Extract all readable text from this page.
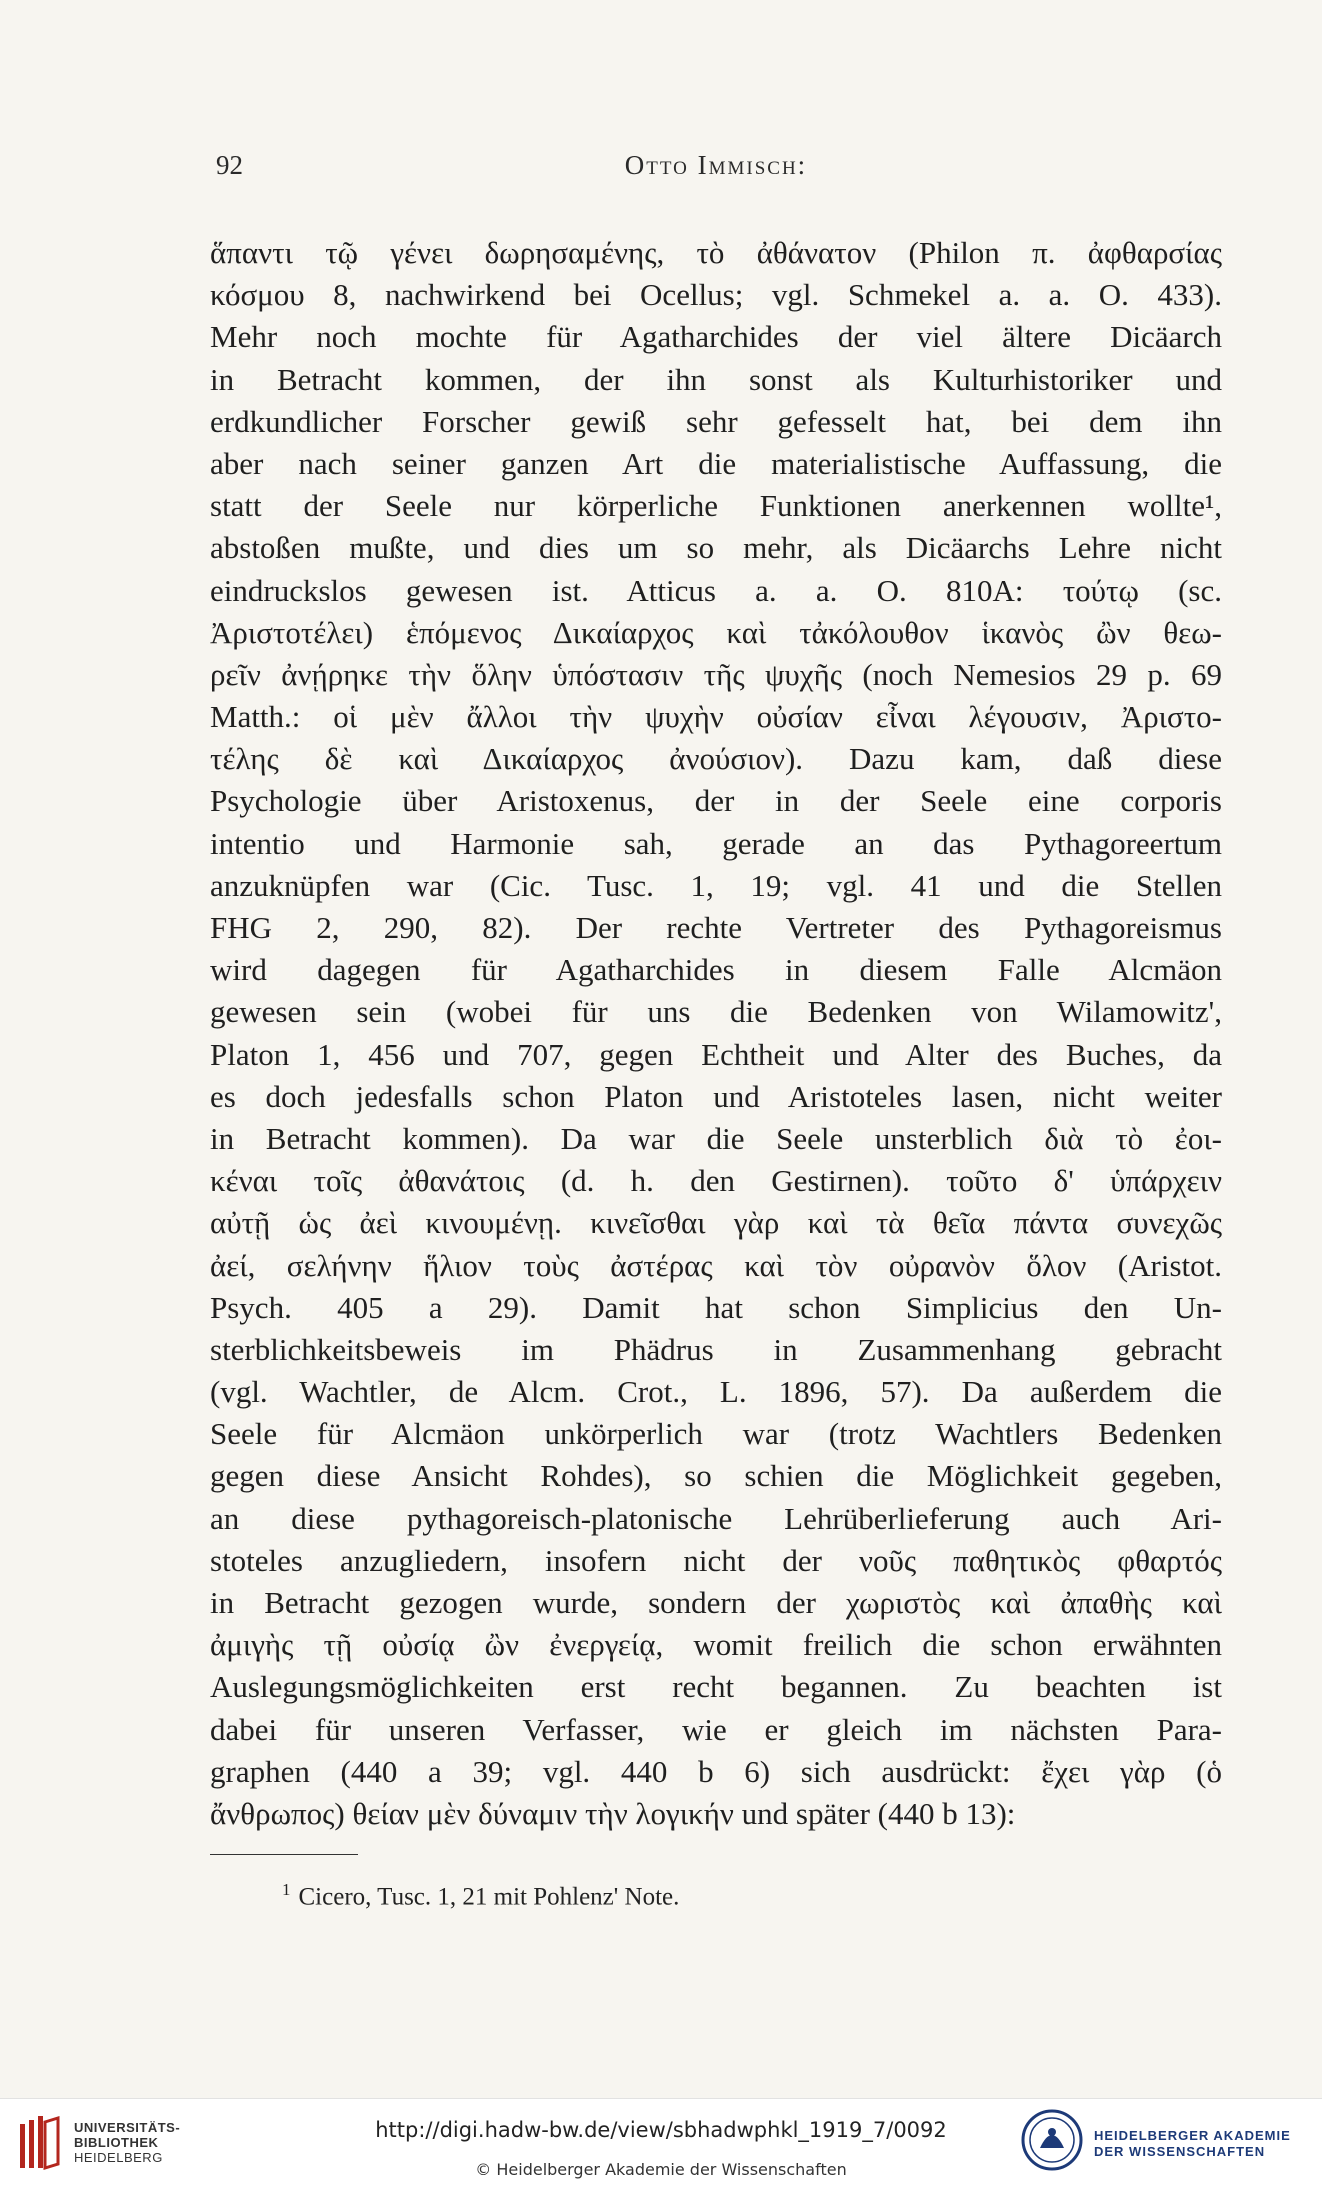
92	Otto Immisch:
ἅπαντι τῷ γένει δωρησαμένης, τὸ ἀθάνατον (Philon π. ἀφθαρσίας
κόσμου 8, nachwirkend bei Ocellus; vgl. Schmekel a. a. O. 433).
Mehr noch mochte für Agatharchides der viel ältere Dicäarch
in Betracht kommen, der ihn sonst als Kulturhistoriker und
erdkundlicher Forscher gewiß sehr gefesselt hat, bei dem ihn
aber nach seiner ganzen Art die materialistische Auffassung, die
statt der Seele nur körperliche Funktionen anerkennen wollte¹,
abstoßen mußte, und dies um so mehr, als Dicäarchs Lehre nicht
eindruckslos gewesen ist. Atticus a. a. O. 810A: τούτῳ (sc.
Ἀριστοτέλει) ἑπόμενος Δικαίαρχος καὶ τἀκόλουθον ἱκανὸς ὢν θεω-
ρεῖν ἀνῄρηκε τὴν ὅλην ὑπόστασιν τῆς ψυχῆς (noch Nemesios 29 p. 69
Matth.: οἱ μὲν ἄλλοι τὴν ψυχὴν οὐσίαν εἶναι λέγουσιν, Ἀριστο-
τέλης δὲ καὶ Δικαίαρχος ἀνούσιον). Dazu kam, daß diese
Psychologie über Aristoxenus, der in der Seele eine corporis
intentio und Harmonie sah, gerade an das Pythagoreertum
anzuknüpfen war (Cic. Tusc. 1, 19; vgl. 41 und die Stellen
FHG 2, 290, 82). Der rechte Vertreter des Pythagoreismus
wird dagegen für Agatharchides in diesem Falle Alcmäon
gewesen sein (wobei für uns die Bedenken von Wilamowitz',
Platon 1, 456 und 707, gegen Echtheit und Alter des Buches, da
es doch jedesfalls schon Platon und Aristoteles lasen, nicht weiter
in Betracht kommen). Da war die Seele unsterblich διὰ τὸ ἐοι-
κέναι τοῖς ἀθανάτοις (d. h. den Gestirnen). τοῦτο δ' ὑπάρχειν
αὐτῇ ὡς ἀεὶ κινουμένῃ. κινεῖσθαι γὰρ καὶ τὰ θεῖα πάντα συνεχῶς
ἀεί, σελήνην ἥλιον τοὺς ἀστέρας καὶ τὸν οὐρανὸν ὅλον (Aristot.
Psych. 405 a 29). Damit hat schon Simplicius den Un-
sterblichkeitsbeweis im Phädrus in Zusammenhang gebracht
(vgl. Wachtler, de Alcm. Crot., L. 1896, 57). Da außerdem die
Seele für Alcmäon unkörperlich war (trotz Wachtlers Bedenken
gegen diese Ansicht Rohdes), so schien die Möglichkeit gegeben,
an diese pythagoreisch-platonische Lehrüberlieferung auch Ari-
stoteles anzugliedern, insofern nicht der νοῦς παθητικὸς φθαρτός
in Betracht gezogen wurde, sondern der χωριστὸς καὶ ἀπαθὴς καὶ
ἀμιγὴς τῇ οὐσίᾳ ὢν ἐνεργείᾳ, womit freilich die schon erwähnten
Auslegungsmöglichkeiten erst recht begannen. Zu beachten ist
dabei für unseren Verfasser, wie er gleich im nächsten Para-
graphen (440 a 39; vgl. 440 b 6) sich ausdrückt: ἔχει γὰρ (ὁ
ἄνθρωπος) θείαν μὲν δύναμιν τὴν λογικήν und später (440 b 13):
$^1$ Cicero, Tusc. 1, 21 mit Pohlenz' Note.
UNIVERSITÄTS-
BIBLIOTHEK
HEIDELBERG
http://digi.hadw-bw.de/view/sbhadwphkl_1919_7/0092
© Heidelberger Akademie der Wissenschaften
HEIDELBERGER AKADEMIE
DER WISSENSCHAFTEN
